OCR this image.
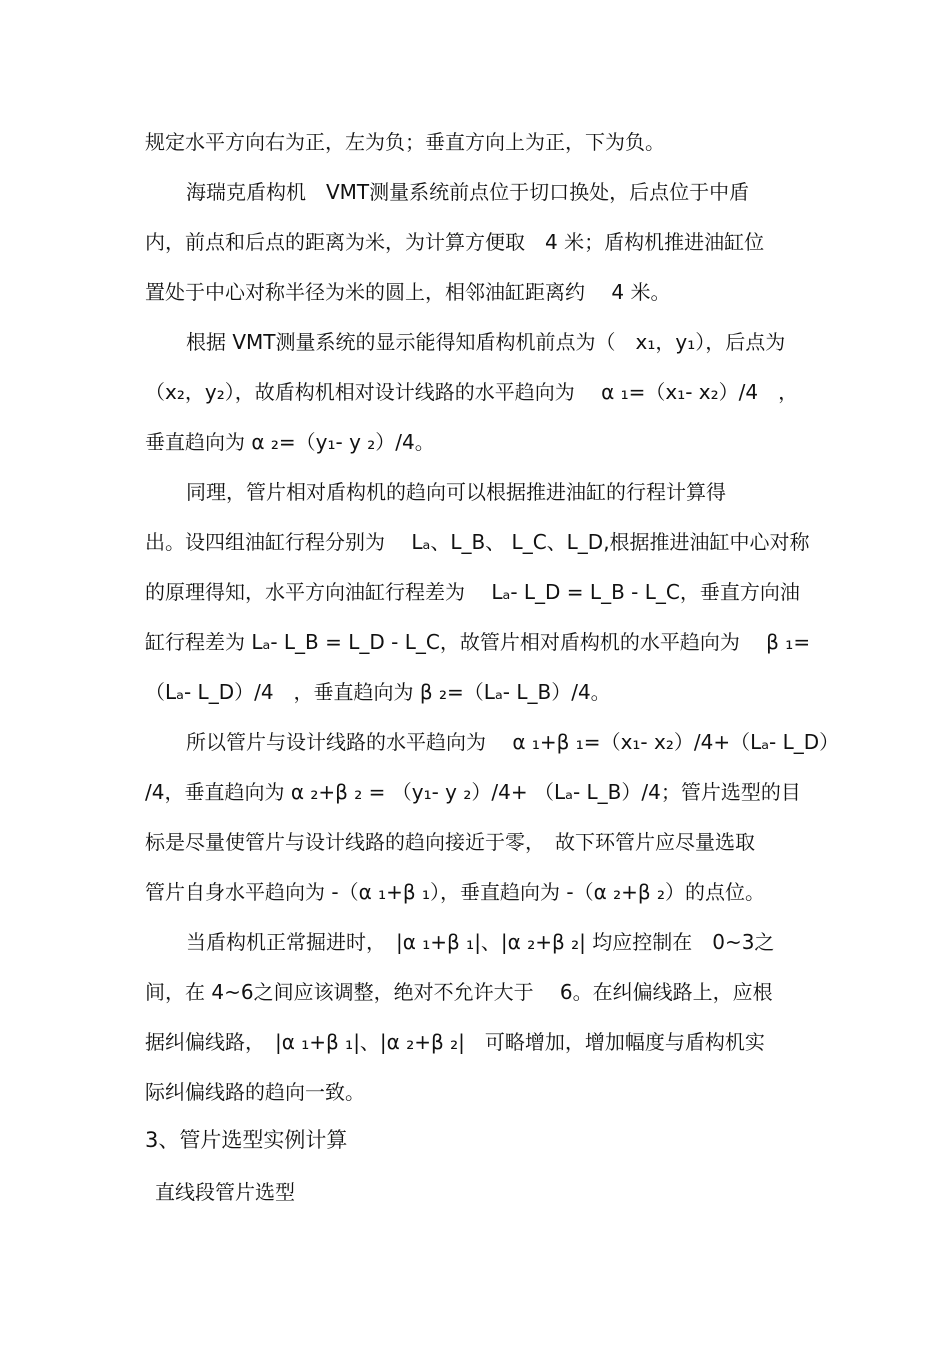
规定水平方向右为正，左为负；垂直方向上为正，下为负。
海瑞克盾构机　VMT测量系统前点位于切口换处，后点位于中盾
内，前点和后点的距离为米，为计算方便取　4 米；盾构机推进油缸位
置处于中心对称半径为米的圆上，相邻油缸距离约　 4 米。
根据 VMT测量系统的显示能得知盾构机前点为（　x₁，y₁），后点为
（x₂，y₂），故盾构机相对设计线路的水平趋向为　 α ₁=（x₁- x₂）/4　，
垂直趋向为 α ₂=（y₁- y ₂）/4。
同理，管片相对盾构机的趋向可以根据推进油缸的行程计算得
出。设四组油缸行程分别为　 Lₐ、L_B、 L_C、L_D,根据推进油缸中心对称
的原理得知，水平方向油缸行程差为　 Lₐ- L_D = L_B - L_C，垂直方向油
缸行程差为 Lₐ- L_B = L_D - L_C，故管片相对盾构机的水平趋向为　 β ₁=
（Lₐ- L_D）/4　，垂直趋向为 β ₂=（Lₐ- L_B）/4。
所以管片与设计线路的水平趋向为　 α ₁+β ₁=（x₁- x₂）/4+（Lₐ- L_D）
/4，垂直趋向为 α ₂+β ₂ = （y₁- y ₂）/4+ （Lₐ- L_B）/4；管片选型的目
标是尽量使管片与设计线路的趋向接近于零，　故下环管片应尽量选取
管片自身水平趋向为 -（α ₁+β ₁），垂直趋向为 -（α ₂+β ₂）的点位。
当盾构机正常掘进时，　|α ₁+β ₁|、|α ₂+β ₂| 均应控制在　0~3之
间，在 4~6之间应该调整，绝对不允许大于　 6。在纠偏线路上，应根
据纠偏线路，　|α ₁+β ₁|、|α ₂+β ₂|　可略增加，增加幅度与盾构机实
际纠偏线路的趋向一致。
3、管片选型实例计算
直线段管片选型
